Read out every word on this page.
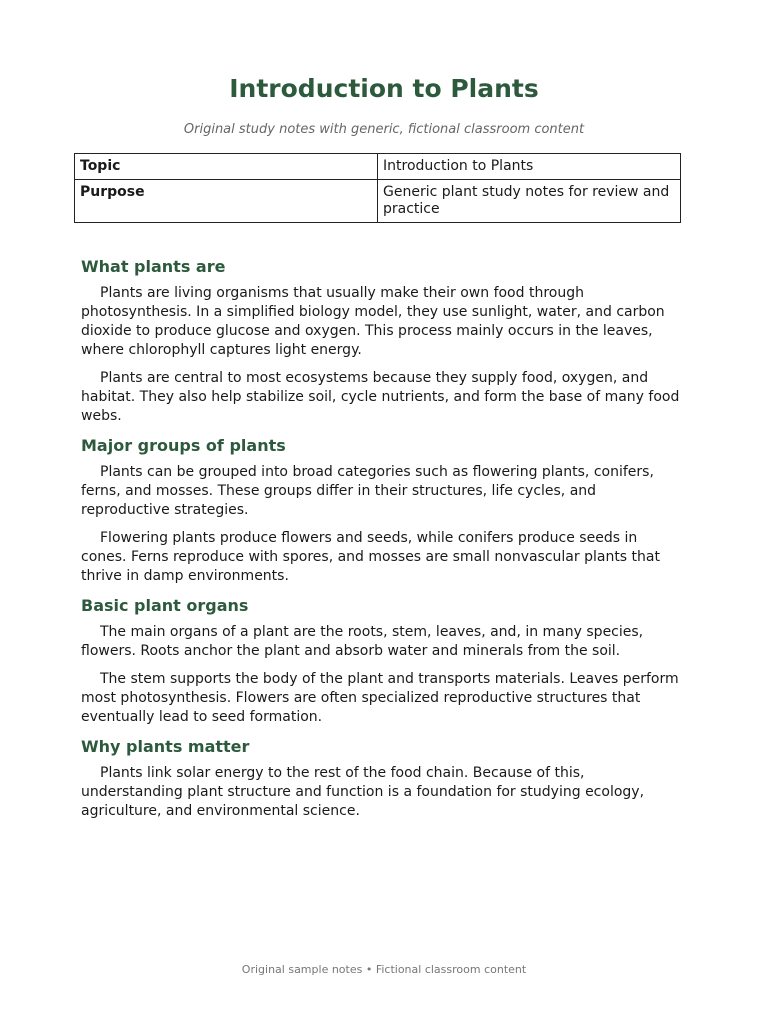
Introduction to Plants
Original study notes with generic, fictional classroom content
Topic	Introduction to Plants
Purpose	Generic plant study notes for review and practice
What plants are

Plants are living organisms that usually make their own food through photosynthesis. In a simplified biology model, they use sunlight, water, and carbon dioxide to produce glucose and oxygen. This process mainly occurs in the leaves, where chlorophyll captures light energy.

Plants are central to most ecosystems because they supply food, oxygen, and habitat. They also help stabilize soil, cycle nutrients, and form the base of many food webs.

Major groups of plants

Plants can be grouped into broad categories such as flowering plants, conifers, ferns, and mosses. These groups differ in their structures, life cycles, and reproductive strategies.

Flowering plants produce flowers and seeds, while conifers produce seeds in cones. Ferns reproduce with spores, and mosses are small nonvascular plants that thrive in damp environments.

Basic plant organs

The main organs of a plant are the roots, stem, leaves, and, in many species, flowers. Roots anchor the plant and absorb water and minerals from the soil.

The stem supports the body of the plant and transports materials. Leaves perform most photosynthesis. Flowers are often specialized reproductive structures that eventually lead to seed formation.

Why plants matter

Plants link solar energy to the rest of the food chain. Because of this, understanding plant structure and function is a foundation for studying ecology, agriculture, and environmental science.

Original sample notes • Fictional classroom content
